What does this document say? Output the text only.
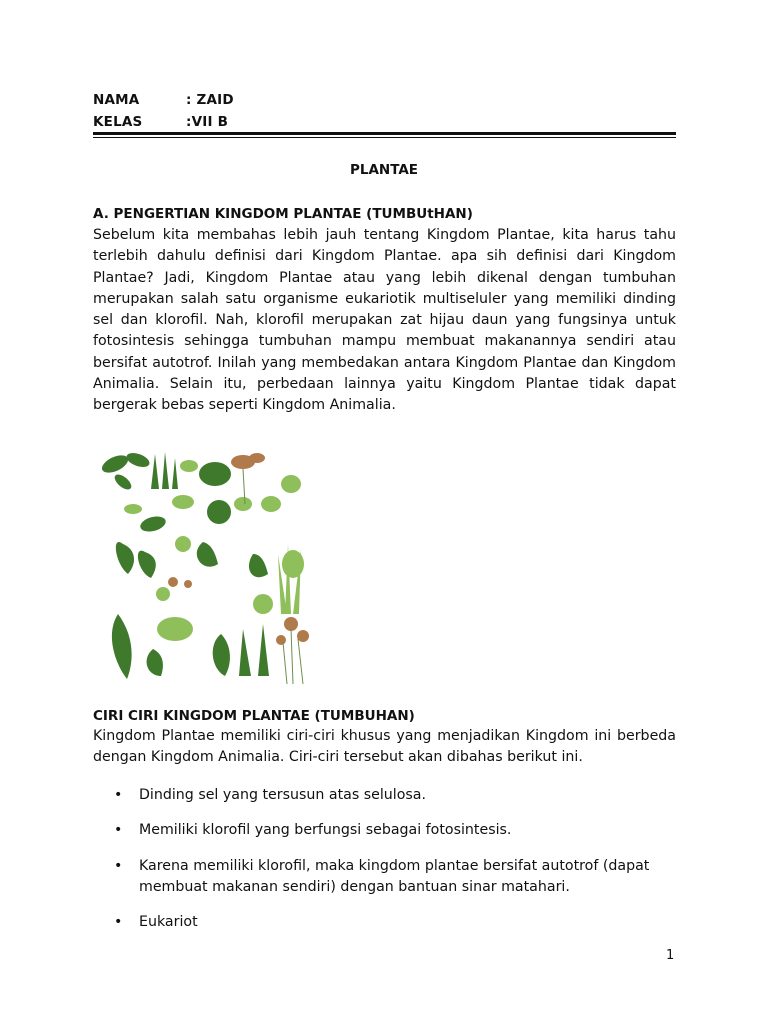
NAMA	: ZAID
KELAS	:VII B
PLANTAE
A. PENGERTIAN KINGDOM PLANTAE (TUMBUtHAN)
Sebelum kita membahas lebih jauh tentang Kingdom Plantae, kita harus tahu terlebih dahulu definisi dari Kingdom Plantae. apa sih definisi dari Kingdom Plantae? Jadi, Kingdom Plantae atau yang lebih dikenal dengan tumbuhan merupakan salah satu organisme eukariotik multiseluler yang memiliki dinding sel dan klorofil. Nah, klorofil merupakan zat hijau daun yang fungsinya untuk fotosintesis sehingga tumbuhan mampu membuat makanannya sendiri atau bersifat autotrof. Inilah yang membedakan antara Kingdom Plantae dan Kingdom Animalia. Selain itu, perbedaan lainnya yaitu Kingdom Plantae tidak dapat bergerak bebas seperti Kingdom Animalia.
CIRI CIRI KINGDOM PLANTAE (TUMBUHAN)
Kingdom Plantae memiliki ciri-ciri khusus yang menjadikan Kingdom ini berbeda dengan Kingdom Animalia. Ciri-ciri tersebut akan dibahas berikut ini.
• Dinding sel yang tersusun atas selulosa.
• Memiliki klorofil yang berfungsi sebagai fotosintesis.
• Karena memiliki klorofil, maka kingdom plantae bersifat autotrof (dapat membuat makanan sendiri) dengan bantuan sinar matahari.
• Eukariot
1
